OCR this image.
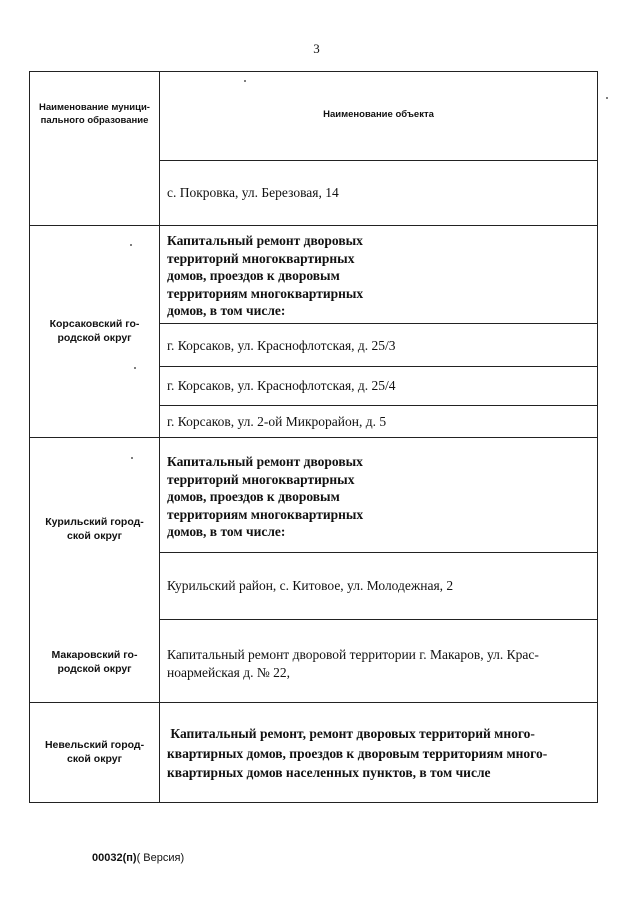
3
Наименование муници-
пального образование
Наименование объекта
с. Покровка, ул. Березовая, 14
Корсаковский го-
родской округ
Капитальный ремонт дворовых
территорий многоквартирных
домов, проездов к дворовым
территориям многоквартирных
домов, в том числе:
г. Корсаков, ул. Краснофлотская, д. 25/3
г. Корсаков, ул. Краснофлотская, д. 25/4
г. Корсаков, ул. 2-ой Микрорайон, д. 5
Курильский город-
ской округ
Капитальный ремонт дворовых
территорий многоквартирных
домов, проездов к дворовым
территориям многоквартирных
домов, в том числе:
Курильский район, с. Китовое, ул. Молодежная, 2
Макаровский го-
родской округ
Капитальный ремонт дворовой территории г. Макаров, ул. Крас-
ноармейская д. № 22,
Невельский город-
ской округ
Капитальный ремонт, ремонт дворовых территорий много-
квартирных домов, проездов к дворовым территориям много-
квартирных домов населенных пунктов, в том числе
00032(п)( Версия)
